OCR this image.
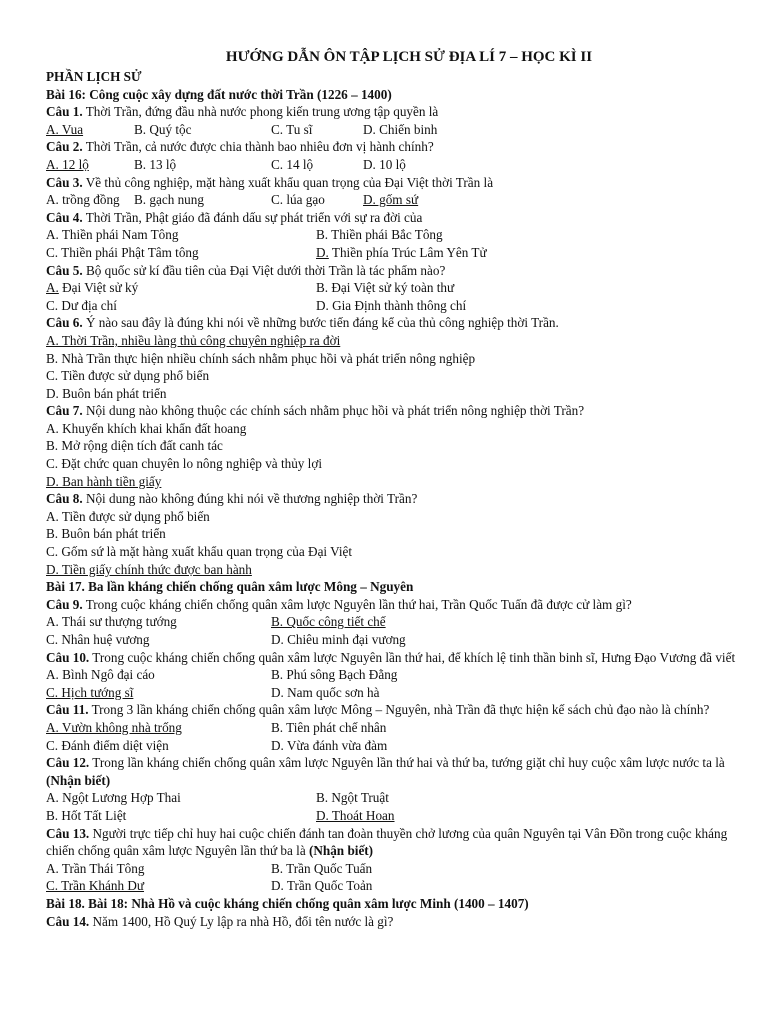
HƯỚNG DẪN ÔN TẬP LỊCH SỬ ĐỊA LÍ 7 – HỌC KÌ II
PHẦN LỊCH SỬ
Bài 16: Công cuộc xây dựng đất nước thời Trần (1226 – 1400)
Câu 1. Thời Trần, đứng đầu nhà nước phong kiến trung ương tập quyền là
A. Vua	B. Quý tộc	C. Tu sĩ	D. Chiến binh
Câu 2. Thời Trần, cả nước được chia thành bao nhiêu đơn vị hành chính?
A. 12 lộ	B. 13 lộ	C. 14 lộ	D. 10 lộ
Câu 3. Về thủ công nghiệp, mặt hàng xuất khẩu quan trọng của Đại Việt thời Trần là
A. trồng đồng	B. gạch nung	C. lúa gạo	D. gốm sứ
Câu 4. Thời Trần, Phật giáo đã đánh dấu sự phát triển với sự ra đời của
A. Thiền phái Nam Tông	B. Thiền phái Bắc Tông
C. Thiền phái Phật Tâm tông	D. Thiền phía Trúc Lâm Yên Tử
Câu 5. Bộ quốc sử kí đầu tiên của Đại Việt dưới thời Trần là tác phẩm nào?
A. Đại Việt sử ký	B. Đại Việt sử ký toàn thư
C. Dư địa chí	D. Gia Định thành thông chí
Câu 6. Ý nào sau đây là đúng khi nói về những bước tiến đáng kể của thủ công nghiệp thời Trần.
A. Thời Trần, nhiều làng thủ công chuyên nghiệp ra đời
B. Nhà Trần thực hiện nhiều chính sách nhằm phục hồi và phát triển nông nghiệp
C. Tiền được sử dụng phổ biến
D. Buôn bán phát triển
Câu 7. Nội dung nào không thuộc các chính sách nhằm phục hồi và phát triển nông nghiệp thời Trần?
A. Khuyến khích khai khẩn đất hoang
B. Mở rộng diện tích đất canh tác
C. Đặt chức quan chuyên lo nông nghiệp và thủy lợi
D. Ban hành tiền giấy
Câu 8. Nội dung nào không đúng khi nói về thương nghiệp thời Trần?
A. Tiền được sử dụng phổ biến
B. Buôn bán phát triển
C. Gốm sứ là mặt hàng xuất khẩu quan trọng của Đại Việt
D. Tiền giấy chính thức được ban hành
Bài 17. Ba lần kháng chiến chống quân xâm lược Mông – Nguyên
Câu 9. Trong cuộc kháng chiến chống quân xâm lược Nguyên lần thứ hai, Trần Quốc Tuấn đã được cử làm gì?
A. Thái sư thượng tướng	B. Quốc công tiết chế
C. Nhân huệ vương	D. Chiêu minh đại vương
Câu 10. Trong cuộc kháng chiến chống quân xâm lược Nguyên lần thứ hai, để khích lệ tinh thần binh sĩ, Hưng Đạo Vương đã viết
A. Bình Ngô đại cáo	B. Phú sông Bạch Đằng
C. Hịch tướng sĩ	D. Nam quốc sơn hà
Câu 11. Trong 3 lần kháng chiến chống quân xâm lược Mông – Nguyên, nhà Trần đã thực hiện kế sách chủ đạo nào là chính?
A. Vườn không nhà trống	B. Tiên phát chế nhân
C. Đánh điểm diệt viện	D. Vừa đánh vừa đàm
Câu 12. Trong lần kháng chiến chống quân xâm lược Nguyên lần thứ hai và thứ ba, tướng giặt chỉ huy cuộc xâm lược nước ta là (Nhận biết)
A. Ngột Lương Hợp Thai	B. Ngột Truật
B. Hốt Tất Liệt	D. Thoát Hoan
Câu 13. Người trực tiếp chỉ huy hai cuộc chiến đánh tan đoàn thuyền chở lương của quân Nguyên tại Vân Đồn trong cuộc kháng chiến chống quân xâm lược Nguyên lần thứ ba là (Nhận biết)
A. Trần Thái Tông	B. Trần Quốc Tuấn
C. Trần Khánh Dư	D. Trần Quốc Toản
Bài 18. Bài 18: Nhà Hồ và cuộc kháng chiến chống quân xâm lược Minh (1400 – 1407)
Câu 14. Năm 1400, Hồ Quý Ly lập ra nhà Hồ, đổi tên nước là gì?
